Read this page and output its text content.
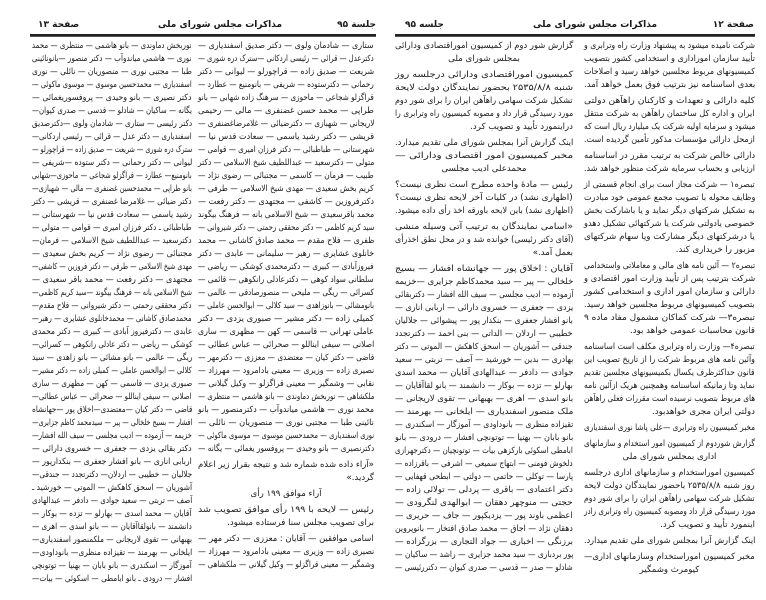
جلسة ۹۵
مذاکرات مجلس شورای ملی
صفحة ۱۳
ستاری — شادمان ولوی — دکتر صدیق اسفندیاری —
دکترعدل — قرائی — رئیسی اردکانی —سترک دره شوری —
شریعت — صدیق زاده — قراچورلو — لیوانی — دکتر
رحمانی — دکترستوده — شریفی — بانومنیع — عطارد —
قراگزلو شجاعی — ماحوزی — سرهنگ زاده شهابی — بانو
طراپی — محمد حسن غضنفری — مالی — رحیمی
لاریجانی — شهبازی — دکترضیائی — غلامرضاغضنفری —
قریشی — دکتر رشید یاسمی — سعادت قدس نیا —
شهرستانی — طباطبائی — دکتر فرزان امیری — قوامی —
متولی — دکترسعید — عبداللطیف شیخ الاسلامی — دکتر
طبیب — فرمان — کاسمی — مجتبائی — رضوی نژاد —
کریم بخش سعیدی — مهدی شیخ الاسلامی — طرفی —
دکترفروزین — کاشفی — مجتهدی — دکتر رفعت —
محمد باقرسعیدی — شیخ الاسلامی بانه — فرهنگ بیگوند
سید کریم کاظمی — دکتر محققی رحمتی — دکتر شیروانی —
ظفری — فلاح مقدم — محمد صادق کاشانی — محمد
خانلوی عشایری — رهبر — سلیمانی — عابدی — دکتر
فیروزآبادی — کبیری — دکترمحمدی کوشکی — ریاضی —
سلطانی سواد کوهی — دکترعادلی رانکوهی — قائمی —
کسرائی — ریگی — ملیحی — منصورصادقی — عالمی —
بانومشائی — بانوزاهدی — سید کلالی — ابوالحسن عاملی —
کمیلی زاده — دکتر مشیر — صبوری یزدی — دکتر
عاملی تهرانی — قاسمی — کهن — مظهری — ساری
اصلانی — سیفی ایناللو — صحرائی — عباس عطائی —
قاضی — دکتر کیان — معتضدی — معززی — دکترمهر —
نصیری زاده — وزیری — معینی بادامرود — مهرزاد —
نقابی — وشمگیر — معینی قراگزلو — وکیل گیلانی —
ملکشاهی — نوربخش دماوندی — بانو هاشمی — منتظری —
محمد نوری — هاشمی میاندوآب — دکترمنصور — بانو
نائینی طبا — مجتبی نوری — منصوریان — نائلی —
نوری اسفندیاری — محمدحسین موسوی — موسوی ماکوئی —
دکترنصیری — بانو وحیدی — پروفسور یغمائی — یگانه —
«آراء داده شده شماره شد و نتیجه بقرار زیر اعلام
گردید.»
آراء موافق ۱۹۹ رأی
رئیس — لایحه با ۱۹۹ رأی موافق تصویب شد
برای تصویب مجلس سنا فرستاده میشود.
اسامی موافقین — آقایان : معززی — دکتر مهر —
نصیری زاده — وزیری — معینی بادامرود — مهرزاد —
وشمگیر — معینی قراگزلو — وکیل گیلانی — ملکشاهی —
نوربخش دماوندی — بانو هاشمی — منتظری — محمد
نوری — هاشمی میاندوآب — دکتر منصور —بانونائینی
طبا — مجتبی نوری — منصوریان — نائلی — نوری
اسفندیاری — محمدحسین موسوی — موسوی ماکوئی —
دکتر نصیری — بانو وحیدی — پروفسوریغمائی —
یگانه — ساکیان — شادلو — قدسی — صدری کیوان—
دکتر رئیسی — ستاری — شادمان ولوی —دکترصدیق
اسفندیاری — دکتر عدل — قرائی — رئیسی اردکانی—
سترک دره شوری — شریعت — صدیق زاده — قراچورلو —
لیوانی — دکتر رحمانی — دکتر ستوده —شریفی —
بانومنیع— عطارد — قراگزلو شجاعی — ماحوزی—شهابی
بانو طراپی — محمدحسین غضنفری — مالی — شهبازی—
دکتر ضیائی — غلامرضا غضنفری — قریشی — دکتر
رشید یاسمی — سعادت قدس نیا — شهرستانی —
طباطبائی ـ دکتر فرزان امیری — قوامی — متولی —
دکترسعید — عبداللطیف شیخ الاسلامی — فرمان—
مجتبائی — رضوی نژاد — کریم بخش سعیدی —
مهدی شیخ الاسلامی — طرفی — دکتر فروزین — کاشفی—
مجتهدی — دکتر رفعت — محمد باقر سعیدی —
شیخ الاسلامی بانه — فرهنگ بیگوند —سید کریم کاظمی—
دکتر محققی رحمتی — دکتر شیروانی — فلاح مقدم—
محمدصادق کاشانی — محمدخانلوی عشایری — رهبر—
عابدی — دکترفیروز آبادی — کبیری — دکتر محمدی
کوشکی — ریاضی — دکتر عادلی رانکوهی — کسرائی—
ریگی — عالمی — بانو مشائی — بانو زاهدی — سید
کلالی — ابوالحسن عاملی — کمیلی زاده — دکتر مشیر—
صبوری یزدی — قاسمی — کهن — مظهری — ساری
اصلانی — سیفی ایناللو — صحرائی — عباس عطائی—
قاضی — دکتر کیان —معتضدی—اخلاق پور —جهانشاه
افشار — بسیج خلخالی — پیر — سیدمحمد کاظم جزایری—
خزیمه — آزموده — ادیب مجلسی — سیف الله افشار—
دکتر بقائی یزدی — جعفری — خسروی دارائی —
اربابی اناری — بانو افشار جعفری — بنکدارپور —
جلالیان — خطیبی — اردلان— دکترتجدد — جندقی—
آشوریان — اسحق کاهکش — الموتی — خورشید ـ
آصف — تربتی — سعید جوادی — دادفر — عبدالهادی
آقایان — محمد اسدی — بهارلو — تزده — بوکار —
دانشمند — بانولقاآقایان — — بانو اسدی — اهری —
بهبهانی — تقوی لاریجانی — ملکمنصور اسفندیاری—
ایلخانی — بهرمند — تقیزاده منظری— بانوداودی—
آموزگار — اسکندری — بانو بابان — بهنیا — توتونچی
افشار — درودی ـ بانو ابامطی — اسکوئی — بیات—
صفحة ۱۲
مذاکرات مجلس شورای ملی
جلسه ۹۵
شرکت نامیده میشود به پیشنهاد وزارت راه وترابری و
تأیید سازمان اموراداری و استخدامی کشور بتصویب
کمیسیونهای مربوط مجلسین خواهد رسید و اصلاحات
بعدی اساسنامه نیز بترتیب فوق بعمل خواهد آمد.
کلیه دارائی و تعهدات و کارکنان راهآهن دولتی
ایران و اداره کل ساختمان راهآهن به شرکت منتقل
میشود و سرمایه اولیه شرکت یک میلیارد ریال است که
ازمحل دارائی مؤسسات مذکور تأمین گردیده است.
دارائی خالص شرکت به ترتیب مقرر در اساسنامه
ارزیابی و بحساب سرمایه شرکت منظور خواهد شد.
تبصره۱ — شرکت مجاز است برای انجام قسمتی از
وظایف محوله با تصویب مجمع عمومی خود مبادرت
به تشکیل شرکتهای دیگر نماید و یا باشارکت بخش
خصوصی یادولتی شرکت یا شرکتهائی تشکیل دهدو
یا درشرکتهای دیگر مشارکت ویا سهام شرکتهای
مزبور را خریداری کند.
تبصره۲ — آئین نامه های مالی و معاملاتی واستخدامی
شرکت بترتیب پس از تأیید وزارت امور اقتصادی و
دارائی و سازمان امور اداری و استخدامی کشور
بتصویب کمیسیونهای مربوط مجلسین خواهد رسید.
تبصره۳— شرکت کماکان مشمول مفاد ماده ۹
قانون محاسبات عمومی خواهد بود.
تبصره۴— وزارت راه وترابری مکلف است اساسنامه
وآئین نامه های مربوط شرکت را از تاریخ تصویب این
قانون حداکثرظرف یکسال بکمیسیونهای مجلسین تقدیم
نماید وتا زمانیکه اساسنامه وهمچنین هریک ازآئین نامه
های مربوط بتصویب نرسیده است مقررات فعلی راهآهن
دولتی ایران مجری خواهدبود.
مخبر کمیسیون راه وترابری —علی پاشا نوری اسفندیاری
گزارش شوردوم از کمیسیون امور استخدام و سازمانهای
اداری بمجلس شورای ملی
کمیسیون اموراستخدام و سازمانهای اداری درجلسه
روز شنبه ۲۵۳۵/۸/۸ باحضور نمایندگان دولت لایحه
تشکیل شرکت سهامی راهآهن ایران را برای شور دوم
مورد رسیدگی قرار داد ومصوبه کمیسیون راه وترابری رادر
اینمورد تأیید و تصویب کرد.
اینک گزارش آنرا بمجلس شورای ملی تقدیم میدارد.
مخبر کمیسیون اموراستخدام وسازمانهای اداری—
کیومرث وشمگیر
گزارش شور دوم از کمیسیون اموراقتصادی ودارائی
بمجلس شورای ملی
کمیسیون اموراقتصادی ودارائی درجلسه روز
شنبه ۲۵۳۵/۸/۸ بحضور نمایندگان دولت لایحة
تشکیل شرکت سهامی راهآهن ایران را برای شور دوم
مورد رسیدگی قرار داد و مصوبه کمیسیون راه وترابری را
دراینمورد تأیید و تصویب کرد.
اینک گزارش آنرا بمجلس شورای ملی تقدیم میدارد.
مخبر کمیسیون امور اقتصادی ودارائی —
محمدعلی ادیب مجلسی
رئیس — مادهٔ واحده مطرح است نظری نیست؟
(اظهاری نشد) در کلیات آخر لایحه نظری نیست؟
(اظهاری نشد) باین لایحه باورقه اخذ رأی داده میشود.
«اسامی نمایندگان به ترتیب آتی وسیله منشی
(آقای دکتر رئیسی) خوانده شد و در محل نطق اخذرأی
بعمل آمد.»
آقایان : اخلاق پور — جهانشاه افشار — بسیج
خلخالی — پیر — سید محمدکاظم جزایری —خزیمه
آزموده — ادیب مجلسی — سیف الله افشار — دکتربقائی
یزدی — جعفری — خسروی دارائی — اربابی اناری —
بانو افشار جعفری — بنکدار پور — پیشوائی — جلالیان
خطیبی — اردلان — الداتی — بنی احمد — دکترتجدد
جندقی — آشوریان — اسحق کاهکش — الموتی — دکتر
بهادری — بدین — خورشید — آصف — تربتی — سعید
جوادی — دادفر — عبدالهادی آقایان — محمد اسدی
بهارلو — تزده — بوکار — دانشمند — بانو لقاآقایان —
بانو اسدی — اهری — بهبهانی — تقوی لاریجانی —
ملک منصور اسفندیاری — ایلخانی — بهرمند —
تقیزاده منظری — بانوداودی — آموزگار — اسکندری —
بانو بابان — بهنیا — توتونچی افشار — درودی — بانو
ابامطی اسکوئی بارکزهی بیات — توتونچیان — دکترجهرازی
دلخوش فومنی — ابتهاج سمیعی — اشرفی — باقرزاده —
پارسا — توکلی — حاتمی — دولتی — ابطحی قهفایی —
دکتر اعتمادی — باقری — پردلی — تولائی زاده —
حجتی — منوچهر دهقان — ابوالهدی لنگرودی —
اعظمی باوند پور — یزدیکپور — جاف — حریری —
دهقان نژاد — اجاق — محمد صادق افتخار — بانوپروین
برزنگی — اخباری — جواد التجاری — بزرگزاده —
پور بردباری — سید محمد جزایری — راشد — ساکیان —
شادلو — صدر — قدسی — صدری کیوان — دکتررئیسی —
